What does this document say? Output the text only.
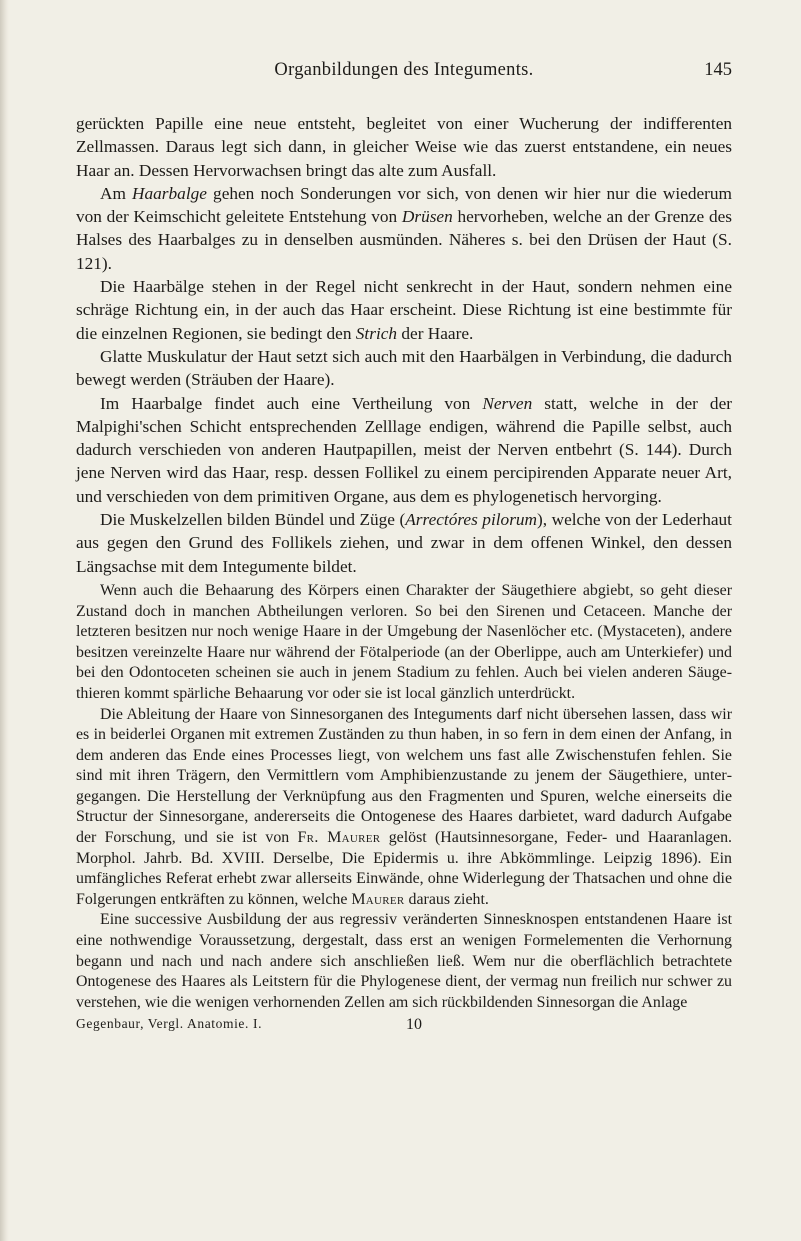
Organbildungen des Integuments.	145

gerückten Papille eine neue entsteht, begleitet von einer Wucherung der indifferenten Zellmassen. Daraus legt sich dann, in gleicher Weise wie das zuerst entstandene, ein neues Haar an. Dessen Hervorwachsen bringt das alte zum Ausfall.

Am Haarbalge gehen noch Sonderungen vor sich, von denen wir hier nur die wiederum von der Keimschicht geleitete Entstehung von Drüsen hervorheben, welche an der Grenze des Halses des Haarbalges zu in denselben ausmünden. Näheres s. bei den Drüsen der Haut (S. 121).

Die Haarbälge stehen in der Regel nicht senkrecht in der Haut, sondern nehmen eine schräge Richtung ein, in der auch das Haar erscheint. Diese Richtung ist eine bestimmte für die einzelnen Regionen, sie bedingt den Strich der Haare.

Glatte Muskulatur der Haut setzt sich auch mit den Haarbälgen in Verbindung, die dadurch bewegt werden (Sträuben der Haare).

Im Haarbalge findet auch eine Vertheilung von Nerven statt, welche in der der Malpighi'schen Schicht entsprechenden Zelllage endigen, während die Papille selbst, auch dadurch verschieden von anderen Hautpapillen, meist der Nerven entbehrt (S. 144). Durch jene Nerven wird das Haar, resp. dessen Follikel zu einem percipirenden Apparate neuer Art, und verschieden von dem primitiven Organe, aus dem es phylogenetisch hervorging.

Die Muskelzellen bilden Bündel und Züge (Arrectóres pilorum), welche von der Lederhaut aus gegen den Grund des Follikels ziehen, und zwar in dem offenen Winkel, den dessen Längsachse mit dem Integumente bildet.

Wenn auch die Behaarung des Körpers einen Charakter der Säugethiere abgiebt, so geht dieser Zustand doch in manchen Abtheilungen verloren. So bei den Sirenen und Cetaceen. Manche der letzteren besitzen nur noch wenige Haare in der Umgebung der Nasenlöcher etc. (Mystaceten), andere besitzen vereinzelte Haare nur während der Fötalperiode (an der Oberlippe, auch am Unterkiefer) und bei den Odontoceten scheinen sie auch in jenem Stadium zu fehlen. Auch bei vielen anderen Säugethieren kommt spärliche Behaarung vor oder sie ist local gänzlich unterdrückt.

Die Ableitung der Haare von Sinnesorganen des Integuments darf nicht übersehen lassen, dass wir es in beiderlei Organen mit extremen Zuständen zu thun haben, in so fern in dem einen der Anfang, in dem anderen das Ende eines Processes liegt, von welchem uns fast alle Zwischenstufen fehlen. Sie sind mit ihren Trägern, den Vermittlern vom Amphibienzustande zu jenem der Säugethiere, untergegangen. Die Herstellung der Verknüpfung aus den Fragmenten und Spuren, welche einerseits die Structur der Sinnesorgane, andererseits die Ontogenese des Haares darbietet, ward dadurch Aufgabe der Forschung, und sie ist von Fr. Maurer gelöst (Hautsinnesorgane, Feder- und Haaranlagen. Morphol. Jahrb. Bd. XVIII. Derselbe, Die Epidermis u. ihre Abkömmlinge. Leipzig 1896). Ein umfängliches Referat erhebt zwar allerseits Einwände, ohne Widerlegung der Thatsachen und ohne die Folgerungen entkräften zu können, welche Maurer daraus zieht.

Eine successive Ausbildung der aus regressiv veränderten Sinnesknospen entstandenen Haare ist eine nothwendige Voraussetzung, dergestalt, dass erst an wenigen Formelementen die Verhornung begann und nach und nach andere sich anschließen ließ. Wem nur die oberflächlich betrachtete Ontogenese des Haares als Leitstern für die Phylogenese dient, der vermag nun freilich nur schwer zu verstehen, wie die wenigen verhornenden Zellen am sich rückbildenden Sinnesorgan die Anlage

Gegenbaur, Vergl. Anatomie. I.	10
